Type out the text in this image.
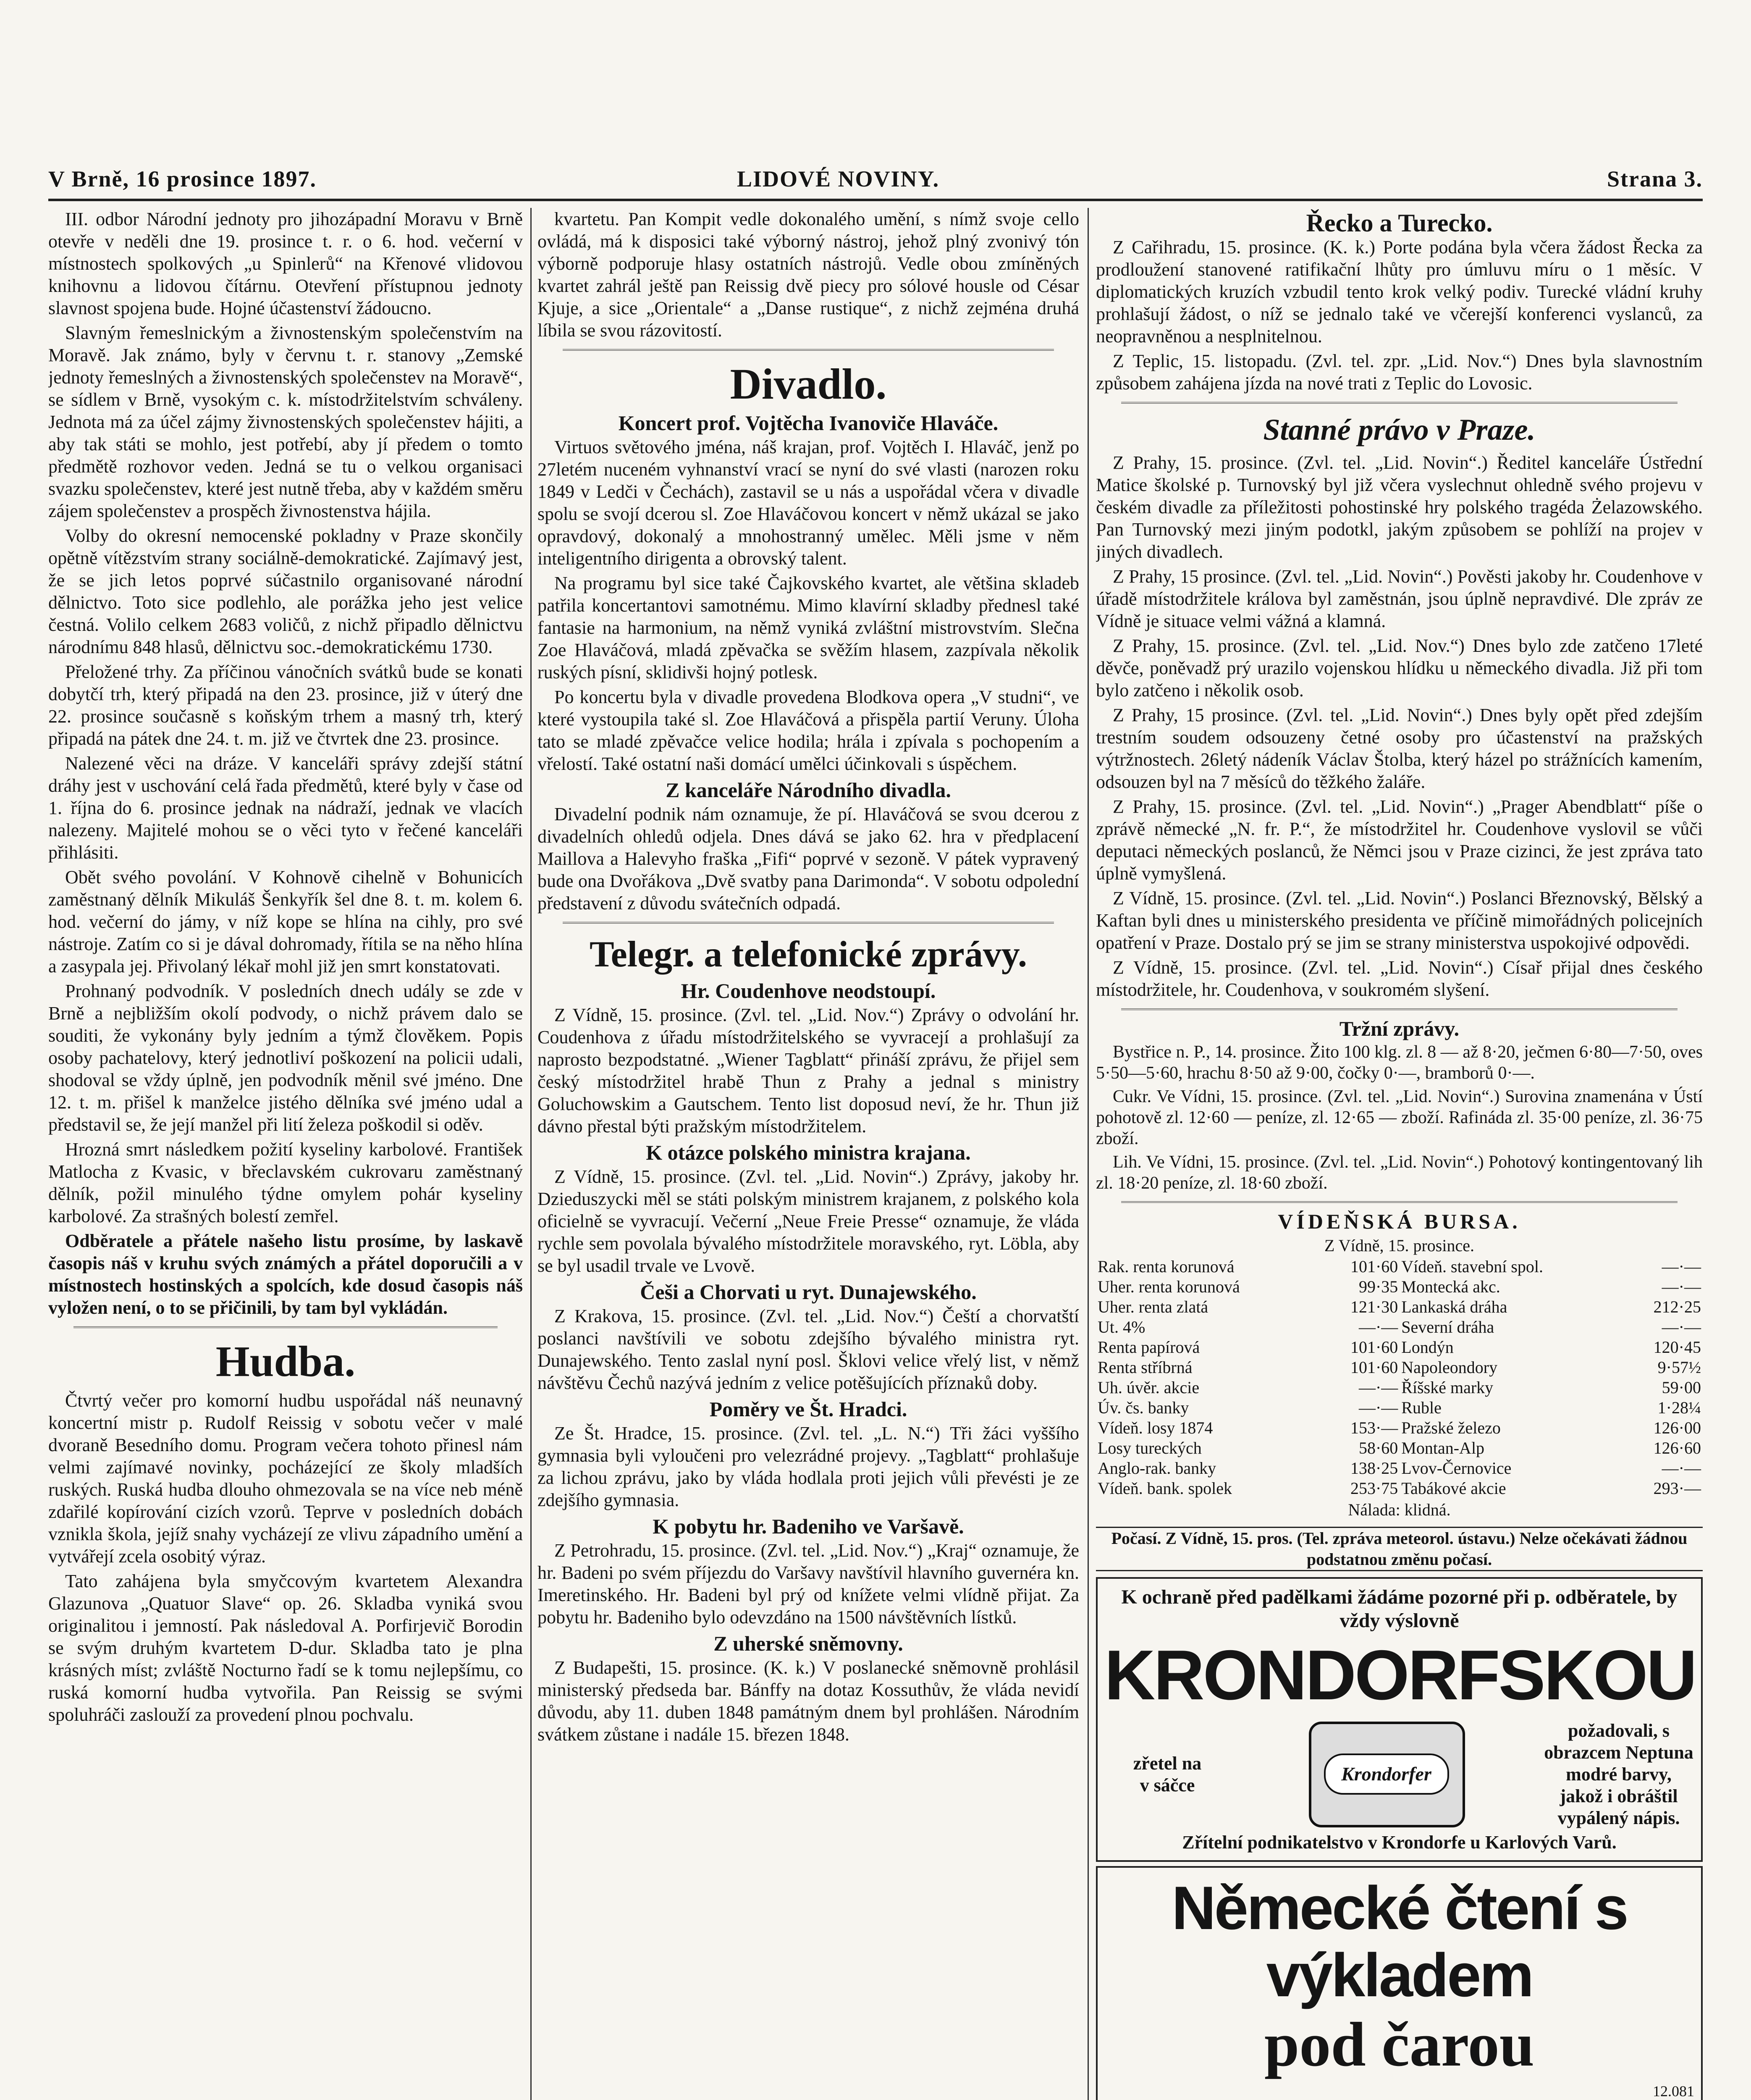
V Brně, 16 prosince 1897.	LIDOVÉ NOVINY.	Strana 3.

III. odbor Národní jednoty pro jihozápadní Moravu v Brně otevře v neděli dne 19. prosince t. r. o 6. hod. večerní v místnostech spolkových „u Spinlerů“ na Křenové vlidovou knihovnu a lidovou čítárnu. Otevření přístupnou jednoty slavnost spojena bude. Hojné účastenství žádoucno.

Slavným řemeslnickým a živnostenským společenstvím na Moravě. Jak známo, byly v červnu t. r. stanovy „Zemské jednoty řemeslných a živnostenských společenstev na Moravě“, se sídlem v Brně, vysokým c. k. místodržitelstvím schváleny. Jednota má za účel zájmy živnostenských společenstev hájiti, a aby tak státi se mohlo, jest potřebí, aby jí předem o tomto předmětě rozhovor veden. Jedná se tu o velkou organisaci svazku společenstev, které jest nutně třeba, aby v každém směru zájem společenstev a prospěch živnostenstva hájila.

Volby do okresní nemocenské pokladny v Praze skončily opětně vítězstvím strany sociálně-demokratické. Zajímavý jest, že se jich letos poprvé súčastnilo organisované národní dělnictvo. Toto sice podlehlo, ale porážka jeho jest velice čestná. Volilo celkem 2683 voličů, z nichž připadlo dělnictvu národnímu 848 hlasů, dělnictvu soc.-demokratickému 1730.

Přeložené trhy. Za příčinou vánočních svátků bude se konati dobytčí trh, který připadá na den 23. prosince, již v úterý dne 22. prosince současně s koňským trhem a masný trh, který připadá na pátek dne 24. t. m. již ve čtvrtek dne 23. prosince.

Nalezené věci na dráze. V kanceláři správy zdejší státní dráhy jest v uschování celá řada předmětů, které byly v čase od 1. října do 6. prosince jednak na nádraží, jednak ve vlacích nalezeny. Majitelé mohou se o věci tyto v řečené kanceláři přihlásiti.

Obět svého povolání. V Kohnově cihelně v Bohunicích zaměstnaný dělník Mikuláš Šenkyřík šel dne 8. t. m. kolem 6. hod. večerní do jámy, v níž kope se hlína na cihly, pro své nástroje. Zatím co si je dával dohromady, řítila se na něho hlína a zasypala jej. Přivolaný lékař mohl již jen smrt konstatovati.

Prohnaný podvodník. V posledních dnech udály se zde v Brně a nejbližším okolí podvody, o nichž právem dalo se souditi, že vykonány byly jedním a týmž člověkem. Popis osoby pachatelovy, který jednotliví poškození na policii udali, shodoval se vždy úplně, jen podvodník měnil své jméno. Dne 12. t. m. přišel k manželce jistého dělníka své jméno udal a představil se, že její manžel při lití železa poškodil si oděv.

Hrozná smrt následkem požití kyseliny karbolové. František Matlocha z Kvasic, v břeclavském cukrovaru zaměstnaný dělník, požil minulého týdne omylem pohár kyseliny karbolové. Za strašných bolestí zemřel.

Odběratele a přátele našeho listu prosíme, by laskavě časopis náš v kruhu svých známých a přátel doporučili a v místnostech hostinských a spolcích, kde dosud časopis náš vyložen není, o to se přičinili, by tam byl vykládán.

Hudba.

Čtvrtý večer pro komorní hudbu uspořádal náš neunavný koncertní mistr p. Rudolf Reissig v sobotu večer v malé dvoraně Besedního domu. Program večera tohoto přinesl nám velmi zajímavé novinky, pocházející ze školy mladších ruských. Ruská hudba dlouho ohmezovala se na více neb méně zdařilé kopírování cizích vzorů. Teprve v posledních dobách vznikla škola, jejíž snahy vycházejí ze vlivu západního umění a vytvářejí zcela osobitý výraz.

Tato zahájena byla smyčcovým kvartetem Alexandra Glazunova „Quatuor Slave“ op. 26. Skladba vyniká svou originalitou i jemností. Pak následoval A. Porfirjevič Borodin se svým druhým kvartetem D-dur. Skladba tato je plna krásných míst; zvláště Nocturno řadí se k tomu nejlepšímu, co ruská komorní hudba vytvořila. Pan Reissig se svými spoluhráči zaslouží za provedení plnou pochvalu.

kvartetu. Pan Kompit vedle dokonalého umění, s nímž svoje cello ovládá, má k disposici také výborný nástroj, jehož plný zvonivý tón výborně podporuje hlasy ostatních nástrojů. Vedle obou zmíněných kvartet zahrál ještě pan Reissig dvě piecy pro sólové housle od César Kjuje, a sice „Orientale“ a „Danse rustique“, z nichž zejména druhá líbila se svou rázovitostí.

Divadlo.
Koncert prof. Vojtěcha Ivanoviče Hlaváče.

Virtuos světového jména, náš krajan, prof. Vojtěch I. Hlaváč, jenž po 27letém nuceném vyhnanství vrací se nyní do své vlasti (narozen roku 1849 v Ledči v Čechách), zastavil se u nás a uspořádal včera v divadle spolu se svojí dcerou sl. Zoe Hlaváčovou koncert v němž ukázal se jako opravdový, dokonalý a mnohostranný umělec. Měli jsme v něm inteligentního dirigenta a obrovský talent.

Na programu byl sice také Čajkovského kvartet, ale většina skladeb patřila koncertantovi samotnému. Mimo klavírní skladby přednesl také fantasie na harmonium, na němž vyniká zvláštní mistrovstvím. Slečna Zoe Hlaváčová, mladá zpěvačka se svěžím hlasem, zazpívala několik ruských písní, sklidivši hojný potlesk.

Po koncertu byla v divadle provedena Blodkova opera „V studni“, ve které vystoupila také sl. Zoe Hlaváčová a přispěla partií Veruny. Úloha tato se mladé zpěvačce velice hodila; hrála i zpívala s pochopením a vřelostí. Také ostatní naši domácí umělci účinkovali s úspěchem.

Z kanceláře Národního divadla.

Divadelní podnik nám oznamuje, že pí. Hlaváčová se svou dcerou z divadelních ohledů odjela. Dnes dává se jako 62. hra v předplacení Maillova a Halevyho fraška „Fifi“ poprvé v sezoně. V pátek vypravený bude ona Dvořákova „Dvě svatby pana Darimonda“. V sobotu odpolední představení z důvodu svátečních odpadá.

Telegr. a telefonické zprávy.
Hr. Coudenhove neodstoupí.

Z Vídně, 15. prosince. (Zvl. tel. „Lid. Nov.“) Zprávy o odvolání hr. Coudenhova z úřadu místodržitelského se vyvracejí a prohlašují za naprosto bezpodstatné. „Wiener Tagblatt“ přináší zprávu, že přijel sem český místodržitel hrabě Thun z Prahy a jednal s ministry Goluchowskim a Gautschem. Tento list doposud neví, že hr. Thun již dávno přestal býti pražským místodržitelem.

K otázce polského ministra krajana.

Z Vídně, 15. prosince. (Zvl. tel. „Lid. Novin“.) Zprávy, jakoby hr. Dzieduszycki měl se státi polským ministrem krajanem, z polského kola oficielně se vyvracují. Večerní „Neue Freie Presse“ oznamuje, že vláda rychle sem povolala bývalého místodržitele moravského, ryt. Löbla, aby se byl usadil trvale ve Lvově.

Češi a Chorvati u ryt. Dunajewského.

Z Krakova, 15. prosince. (Zvl. tel. „Lid. Nov.“) Čeští a chorvatští poslanci navštívili ve sobotu zdejšího bývalého ministra ryt. Dunajewského. Tento zaslal nyní posl. Šklovi velice vřelý list, v němž návštěvu Čechů nazývá jedním z velice potěšujících příznaků doby.

Poměry ve Št. Hradci.

Ze Št. Hradce, 15. prosince. (Zvl. tel. „L. N.“) Tři žáci vyššího gymnasia byli vyloučeni pro velezrádné projevy. „Tagblatt“ prohlašuje za lichou zprávu, jako by vláda hodlala proti jejich vůli převésti je ze zdejšího gymnasia.

K pobytu hr. Badeniho ve Varšavě.

Z Petrohradu, 15. prosince. (Zvl. tel. „Lid. Nov.“) „Kraj“ oznamuje, že hr. Badeni po svém příjezdu do Varšavy navštívil hlavního guvernéra kn. Imeretinského. Hr. Badeni byl prý od knížete velmi vlídně přijat. Za pobytu hr. Badeniho bylo odevzdáno na 1500 návštěvních lístků.

Z uherské sněmovny.

Z Budapešti, 15. prosince. (K. k.) V poslanecké sněmovně prohlásil ministerský předseda bar. Bánffy na dotaz Kossuthův, že vláda nevidí důvodu, aby 11. duben 1848 památným dnem byl prohlášen. Národním svátkem zůstane i nadále 15. březen 1848.

Řecko a Turecko.

Z Cařihradu, 15. prosince. (K. k.) Porte podána byla včera žádost Řecka za prodloužení stanovené ratifikační lhůty pro úmluvu míru o 1 měsíc. V diplomatických kruzích vzbudil tento krok velký podiv. Turecké vládní kruhy prohlašují žádost, o níž se jednalo také ve včerejší konferenci vyslanců, za neopravněnou a nesplnitelnou.

Z Teplic, 15. listopadu. (Zvl. tel. zpr. „Lid. Nov.“) Dnes byla slavnostním způsobem zahájena jízda na nové trati z Teplic do Lovosic.

Stanné právo v Praze.

Z Prahy, 15. prosince. (Zvl. tel. „Lid. Novin“.) Ředitel kanceláře Ústřední Matice školské p. Turnovský byl již včera vyslechnut ohledně svého projevu v českém divadle za příležitosti pohostinské hry polského tragéda Żelazowského. Pan Turnovský mezi jiným podotkl, jakým způsobem se pohlíží na projev v jiných divadlech.

Z Prahy, 15 prosince. (Zvl. tel. „Lid. Novin“.) Pověsti jakoby hr. Coudenhove v úřadě místodržitele králova byl zaměstnán, jsou úplně nepravdivé. Dle zpráv ze Vídně je situace velmi vážná a klamná.

Z Prahy, 15. prosince. (Zvl. tel. „Lid. Nov.“) Dnes bylo zde zatčeno 17leté děvče, poněvadž prý urazilo vojenskou hlídku u německého divadla. Již při tom bylo zatčeno i několik osob.

Z Prahy, 15 prosince. (Zvl. tel. „Lid. Novin“.) Dnes byly opět před zdejším trestním soudem odsouzeny četné osoby pro účastenství na pražských výtržnostech. 26letý nádeník Václav Štolba, který házel po strážnících kamením, odsouzen byl na 7 měsíců do těžkého žaláře.

Z Prahy, 15. prosince. (Zvl. tel. „Lid. Novin“.) „Prager Abendblatt“ píše o zprávě německé „N. fr. P.“, že místodržitel hr. Coudenhove vyslovil se vůči deputaci německých poslanců, že Němci jsou v Praze cizinci, že jest zpráva tato úplně vymyšlená.

Z Vídně, 15. prosince. (Zvl. tel. „Lid. Novin“.) Poslanci Březnovský, Bělský a Kaftan byli dnes u ministerského presidenta ve příčině mimořádných policejních opatření v Praze. Dostalo prý se jim se strany ministerstva uspokojivé odpovědi.

Z Vídně, 15. prosince. (Zvl. tel. „Lid. Novin“.) Císař přijal dnes českého místodržitele, hr. Coudenhova, v soukromém slyšení.

Tržní zprávy.

Bystřice n. P., 14. prosince. Žito 100 klg. zl. 8 — až 8·20, ječmen 6·80—7·50, oves 5·50—5·60, hrachu 8·50 až 9·00, čočky 0·—, bramborů 0·—.

Cukr. Ve Vídni, 15. prosince. (Zvl. tel. „Lid. Novin“.) Surovina znamenána v Ústí pohotově zl. 12·60 — peníze, zl. 12·65 — zboží. Rafináda zl. 35·00 peníze, zl. 36·75 zboží.

Lih. Ve Vídni, 15. prosince. (Zvl. tel. „Lid. Novin“.) Pohotový kontingentovaný lih zl. 18·20 peníze, zl. 18·60 zboží.

VÍDEŇSKÁ BURSA.
Z Vídně, 15. prosince.
Rak. renta korunová	101·60	Vídeň. stavební spol.	—·—
Uher. renta korunová	99·35	Montecká akc.	—·—
Uher. renta zlatá	121·30	Lankaská dráha	212·25
Ut. 4%	—·—	Severní dráha	—·—
Renta papírová	101·60	Londýn	120·45
Renta stříbrná	101·60	Napoleondory	9·57½
Uh. úvěr. akcie	—·—	Říšské marky	59·00
Úv. čs. banky	—·—	Ruble	1·28¼
Vídeň. losy 1874	153·—	Pražské železo	126·00
Losy tureckých	58·60	Montan-Alp	126·60
Anglo-rak. banky	138·25	Lvov-Černovice	—·—
Vídeň. bank. spolek	253·75	Tabákové akcie	293·—
Nálada: klidná.
Počasí. Z Vídně, 15. pros. (Tel. zpráva meteorol. ústavu.) Nelze očekávati žádnou podstatnou změnu počasí.
K ochraně před padělkami žádáme pozorné při p. odběratele, by vždy výslovně
KRONDORFSKOU
zřetel na
v sáčce
Krondorfer
požadovali, s obrazcem Neptuna modré barvy, jakož i obráštil
vypálený nápis.
Zřítelní podnikatelstvo v Krondorfe u Karlových Varů.
Německé čtení s výkladem
pod čarou
12.081
